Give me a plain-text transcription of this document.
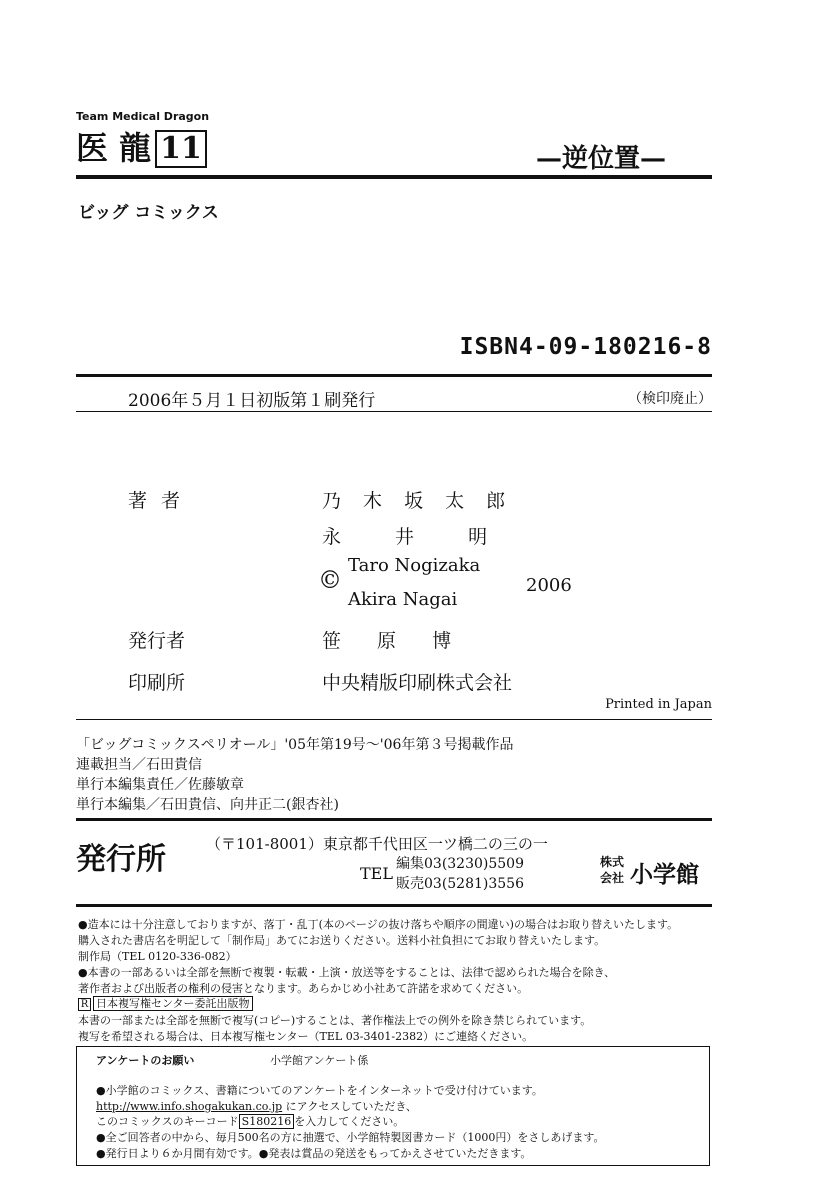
Team Medical Dragon
医 龍 11	—逆位置—
ビッグ コミックス
ISBN4-09-180216-8
2006年５月１日初版第１刷発行	（検印廃止）
著 者	乃 木 坂 太 郎
永 井 明
©
Taro Nogizaka
Akira Nagai
2006
発行者	笹 原 博
印刷所	中央精版印刷株式会社
Printed in Japan
「ビッグコミックスペリオール」'05年第19号〜'06年第３号掲載作品
連載担当／石田貴信
単行本編集責任／佐藤敏章
単行本編集／石田貴信、向井正二(銀杏社)
発行所	（〒101-8001）東京都千代田区一ツ橋二の三の一
TEL 編集03(3230)5509
販売03(5281)3556
株式
会社 小学館
●造本には十分注意しておりますが、落丁・乱丁(本のページの抜け落ちや順序の間違い)の場合はお取り替えいたします。
購入された書店名を明記して「制作局」あてにお送りください。送料小社負担にてお取り替えいたします。
制作局（TEL 0120-336-082）
●本書の一部あるいは全部を無断で複製・転載・上演・放送等をすることは、法律で認められた場合を除き、
著作者および出版者の権利の侵害となります。あらかじめ小社あて許諾を求めてください。
R 日本複写権センター委託出版物
本書の一部または全部を無断で複写(コピー)することは、著作権法上での例外を除き禁じられています。
複写を希望される場合は、日本複写権センター（TEL 03-3401-2382）にご連絡ください。
アンケートのお願い	小学館アンケート係
●小学館のコミックス、書籍についてのアンケートをインターネットで受け付けています。
http://www.info.shogakukan.co.jp にアクセスしていただき、
このコミックスのキーコード S180216 を入力してください。
●全ご回答者の中から、毎月500名の方に抽選で、小学館特製図書カード（1000円）をさしあげます。
●発行日より６か月間有効です。●発表は賞品の発送をもってかえさせていただきます。
